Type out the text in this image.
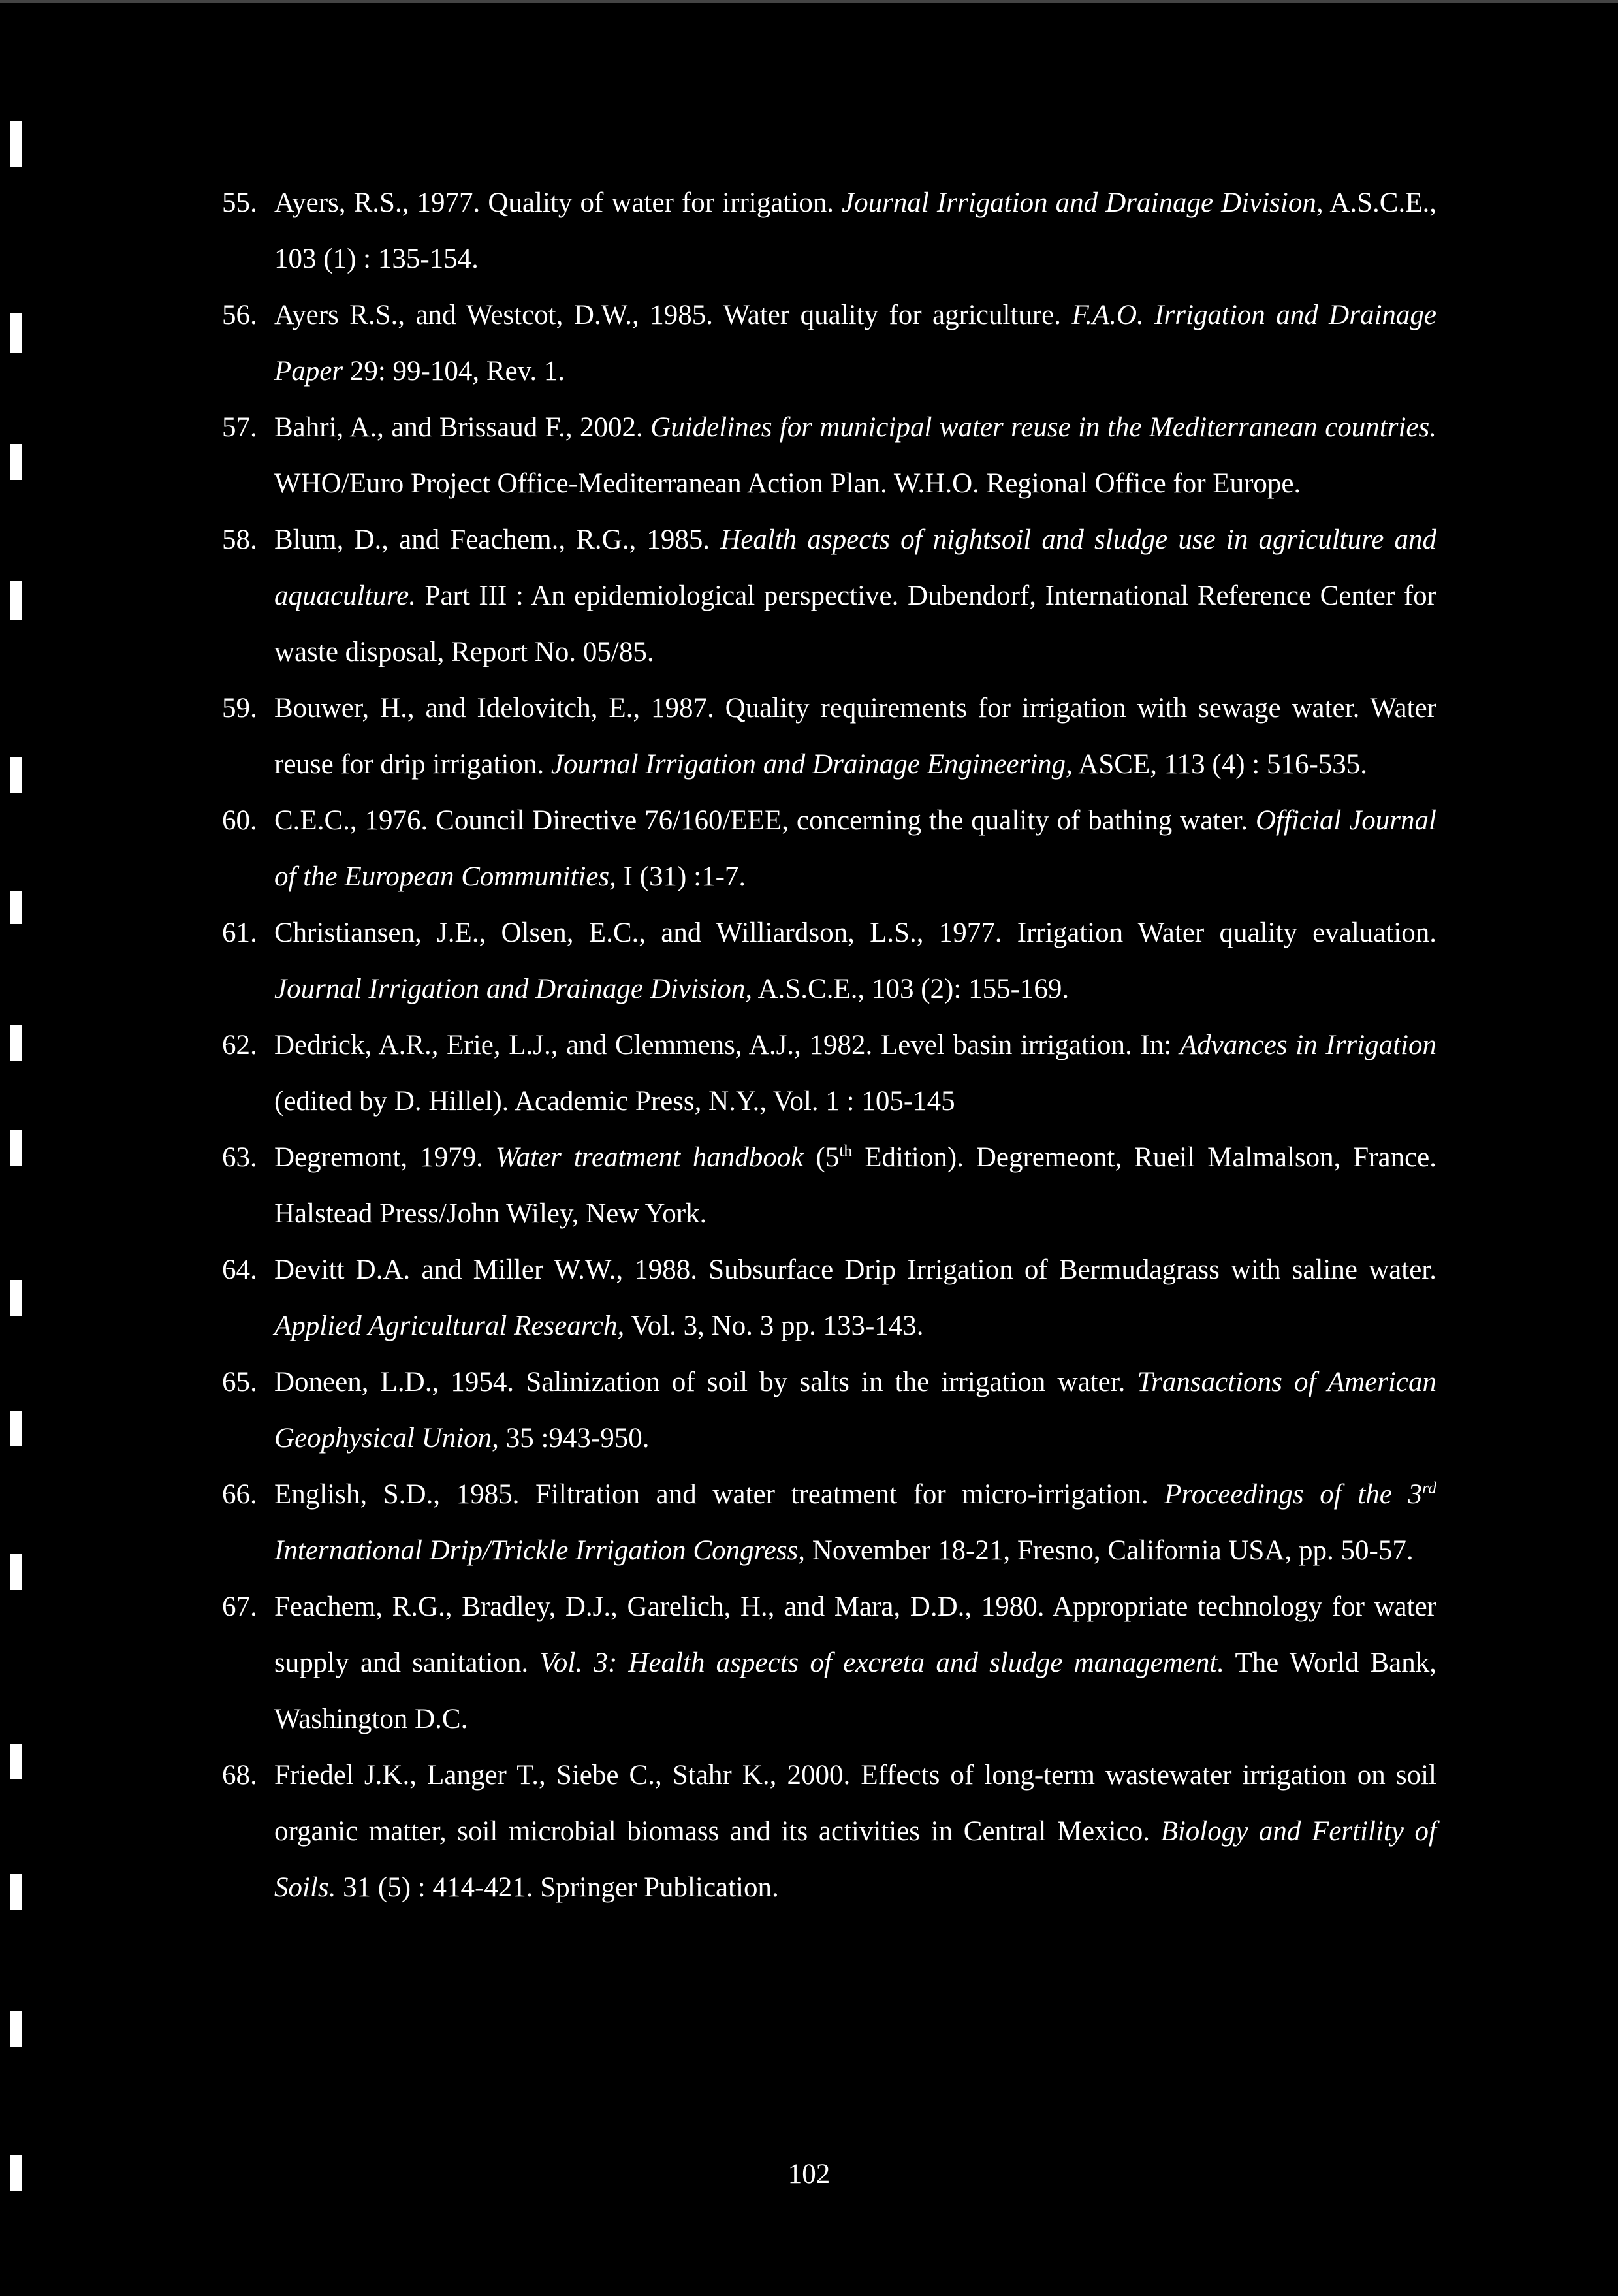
55. Ayers, R.S., 1977. Quality of water for irrigation. Journal Irrigation and Drainage Division, A.S.C.E., 103 (1) : 135-154.
56. Ayers R.S., and Westcot, D.W., 1985. Water quality for agriculture. F.A.O. Irrigation and Drainage Paper 29: 99-104, Rev. 1.
57. Bahri, A., and Brissaud F., 2002. Guidelines for municipal water reuse in the Mediterranean countries. WHO/Euro Project Office-Mediterranean Action Plan. W.H.O. Regional Office for Europe.
58. Blum, D., and Feachem., R.G., 1985. Health aspects of nightsoil and sludge use in agriculture and aquaculture. Part III : An epidemiological perspective. Dubendorf, International Reference Center for waste disposal, Report No. 05/85.
59. Bouwer, H., and Idelovitch, E., 1987. Quality requirements for irrigation with sewage water. Water reuse for drip irrigation. Journal Irrigation and Drainage Engineering, ASCE, 113 (4) : 516-535.
60. C.E.C., 1976. Council Directive 76/160/EEE, concerning the quality of bathing water. Official Journal of the European Communities, I (31) :1-7.
61. Christiansen, J.E., Olsen, E.C., and Williardson, L.S., 1977. Irrigation Water quality evaluation. Journal Irrigation and Drainage Division, A.S.C.E., 103 (2): 155-169.
62. Dedrick, A.R., Erie, L.J., and Clemmens, A.J., 1982. Level basin irrigation. In: Advances in Irrigation (edited by D. Hillel). Academic Press, N.Y., Vol. 1 : 105-145
63. Degremont, 1979. Water treatment handbook (5th Edition). Degremeont, Rueil Malmalson, France. Halstead Press/John Wiley, New York.
64. Devitt D.A. and Miller W.W., 1988. Subsurface Drip Irrigation of Bermudagrass with saline water. Applied Agricultural Research, Vol. 3, No. 3 pp. 133-143.
65. Doneen, L.D., 1954. Salinization of soil by salts in the irrigation water. Transactions of American Geophysical Union, 35 :943-950.
66. English, S.D., 1985. Filtration and water treatment for micro-irrigation. Proceedings of the 3rd International Drip/Trickle Irrigation Congress, November 18-21, Fresno, California USA, pp. 50-57.
67. Feachem, R.G., Bradley, D.J., Garelich, H., and Mara, D.D., 1980. Appropriate technology for water supply and sanitation. Vol. 3: Health aspects of excreta and sludge management. The World Bank, Washington D.C.
68. Friedel J.K., Langer T., Siebe C., Stahr K., 2000. Effects of long-term wastewater irrigation on soil organic matter, soil microbial biomass and its activities in Central Mexico. Biology and Fertility of Soils. 31 (5) : 414-421. Springer Publication.
102
